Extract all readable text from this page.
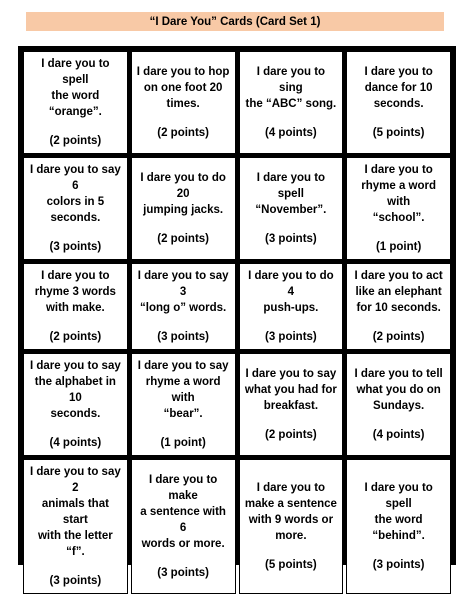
“I Dare You” Cards (Card Set 1)
I dare you to spell
the word
“orange”.
(2 points)
I dare you to hop
on one foot 20
times.
(2 points)
I dare you to sing
the “ABC” song.
(4 points)
I dare you to
dance for 10
seconds.
(5 points)
I dare you to say 6
colors in 5
seconds.
(3 points)
I dare you to do 20
jumping jacks.
(2 points)
I dare you to spell
“November”.
(3 points)
I dare you to
rhyme a word with
“school”.
(1 point)
I dare you to
rhyme 3 words
with make.
(2 points)
I dare you to say 3
“long o” words.
(3 points)
I dare you to do 4
push-ups.
(3 points)
I dare you to act
like an elephant
for 10 seconds.
(2 points)
I dare you to say
the alphabet in 10
seconds.
(4 points)
I dare you to say
rhyme a word with
“bear”.
(1 point)
I dare you to say
what you had for
breakfast.
(2 points)
I dare you to tell
what you do on
Sundays.
(4 points)
I dare you to say 2
animals that start
with the letter
“f”.
(3 points)
I dare you to make
a sentence with 6
words or more.
(3 points)
I dare you to
make a sentence
with 9 words or
more.
(5 points)
I dare you to spell
the word
“behind”.
(3 points)
